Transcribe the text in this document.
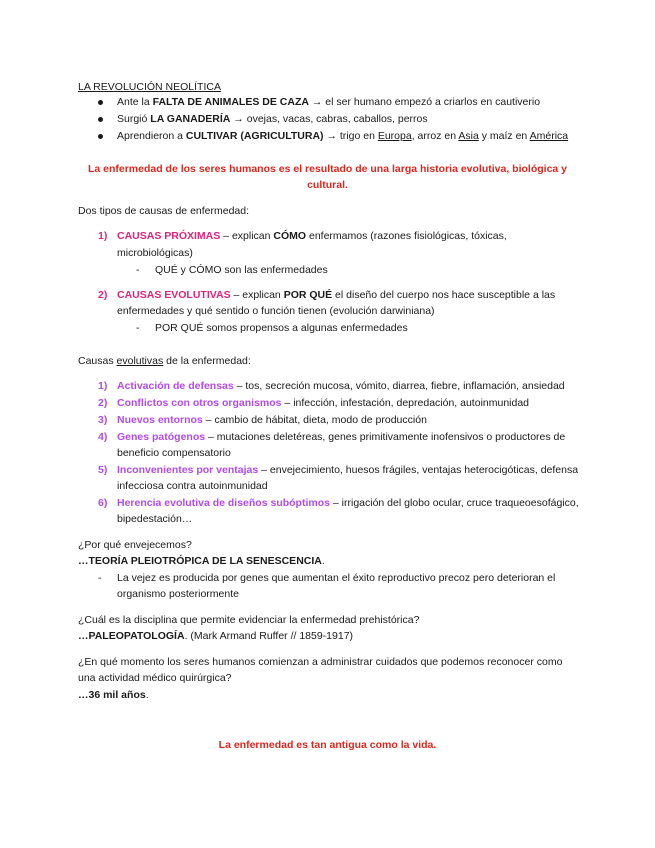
LA REVOLUCIÓN NEOLÍTICA
Ante la FALTA DE ANIMALES DE CAZA → el ser humano empezó a criarlos en cautiverio
Surgió LA GANADERÍA → ovejas, vacas, cabras, caballos, perros
Aprendieron a CULTIVAR (AGRICULTURA) → trigo en Europa, arroz en Asia y maíz en América
La enfermedad de los seres humanos es el resultado de una larga historia evolutiva, biológica y
cultural.
Dos tipos de causas de enfermedad:
1) CAUSAS PRÓXIMAS – explican CÓMO enfermamos (razones fisiológicas, tóxicas,
microbiológicas)
- QUÉ y CÓMO son las enfermedades
2) CAUSAS EVOLUTIVAS – explican POR QUÉ el diseño del cuerpo nos hace susceptible a las
enfermedades y qué sentido o función tienen (evolución darwiniana)
- POR QUÉ somos propensos a algunas enfermedades
Causas evolutivas de la enfermedad:
1) Activación de defensas – tos, secreción mucosa, vómito, diarrea, fiebre, inflamación, ansiedad
2) Conflictos con otros organismos – infección, infestación, depredación, autoinmunidad
3) Nuevos entornos – cambio de hábitat, dieta, modo de producción
4) Genes patógenos – mutaciones deletéreas, genes primitivamente inofensivos o productores de
beneficio compensatorio
5) Inconvenientes por ventajas – envejecimiento, huesos frágiles, ventajas heterocigóticas, defensa
infecciosa contra autoinmunidad
6) Herencia evolutiva de diseños subóptimos – irrigación del globo ocular, cruce traqueoesofágico,
bipedestación…
¿Por qué envejecemos?
…TEORÍA PLEIOTRÓPICA DE LA SENESCENCIA.
- La vejez es producida por genes que aumentan el éxito reproductivo precoz pero deterioran el
organismo posteriormente
¿Cuál es la disciplina que permite evidenciar la enfermedad prehistórica?
…PALEOPATOLOGÍA. (Mark Armand Ruffer // 1859-1917)
¿En qué momento los seres humanos comienzan a administrar cuidados que podemos reconocer como
una actividad médico quirúrgica?
…36 mil años.
La enfermedad es tan antigua como la vida.
